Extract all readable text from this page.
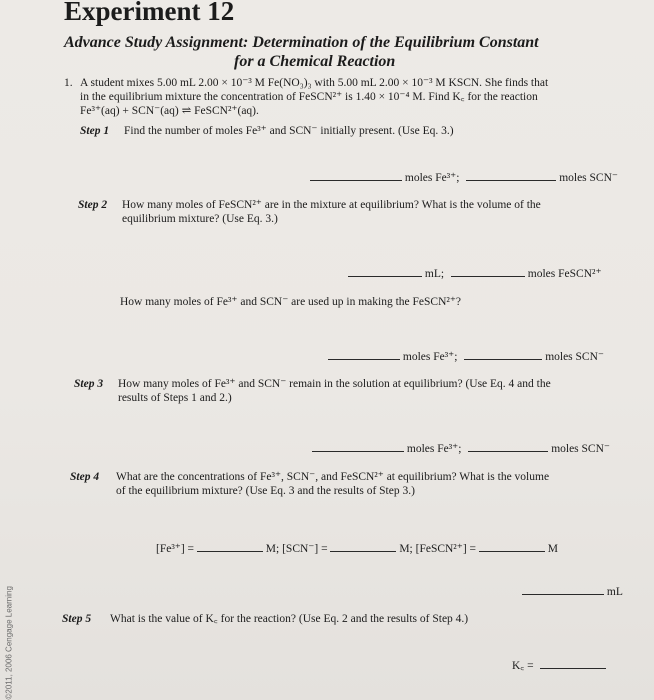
©2011, 2006 Cengage Learning
Experiment 12
Advance Study Assignment: Determination of the Equilibrium Constant
for a Chemical Reaction
1. A student mixes 5.00 mL 2.00 × 10⁻³ M Fe(NO₃)₃ with 5.00 mL 2.00 × 10⁻³ M KSCN. She finds that
in the equilibrium mixture the concentration of FeSCN²⁺ is 1.40 × 10⁻⁴ M. Find K꜀ for the reaction
Fe³⁺(aq) + SCN⁻(aq) ⇌ FeSCN²⁺(aq).
Step 1 Find the number of moles Fe³⁺ and SCN⁻ initially present. (Use Eq. 3.)
moles Fe³⁺;	moles SCN⁻
Step 2 How many moles of FeSCN²⁺ are in the mixture at equilibrium? What is the volume of the
equilibrium mixture? (Use Eq. 3.)
mL;	moles FeSCN²⁺
How many moles of Fe³⁺ and SCN⁻ are used up in making the FeSCN²⁺?
moles Fe³⁺;	moles SCN⁻
Step 3 How many moles of Fe³⁺ and SCN⁻ remain in the solution at equilibrium? (Use Eq. 4 and the
results of Steps 1 and 2.)
moles Fe³⁺;	moles SCN⁻
Step 4 What are the concentrations of Fe³⁺, SCN⁻, and FeSCN²⁺ at equilibrium? What is the volume
of the equilibrium mixture? (Use Eq. 3 and the results of Step 3.)
[Fe³⁺] =	M; [SCN⁻] =	M; [FeSCN²⁺] =	M
mL
Step 5 What is the value of K꜀ for the reaction? (Use Eq. 2 and the results of Step 4.)
K꜀ =
